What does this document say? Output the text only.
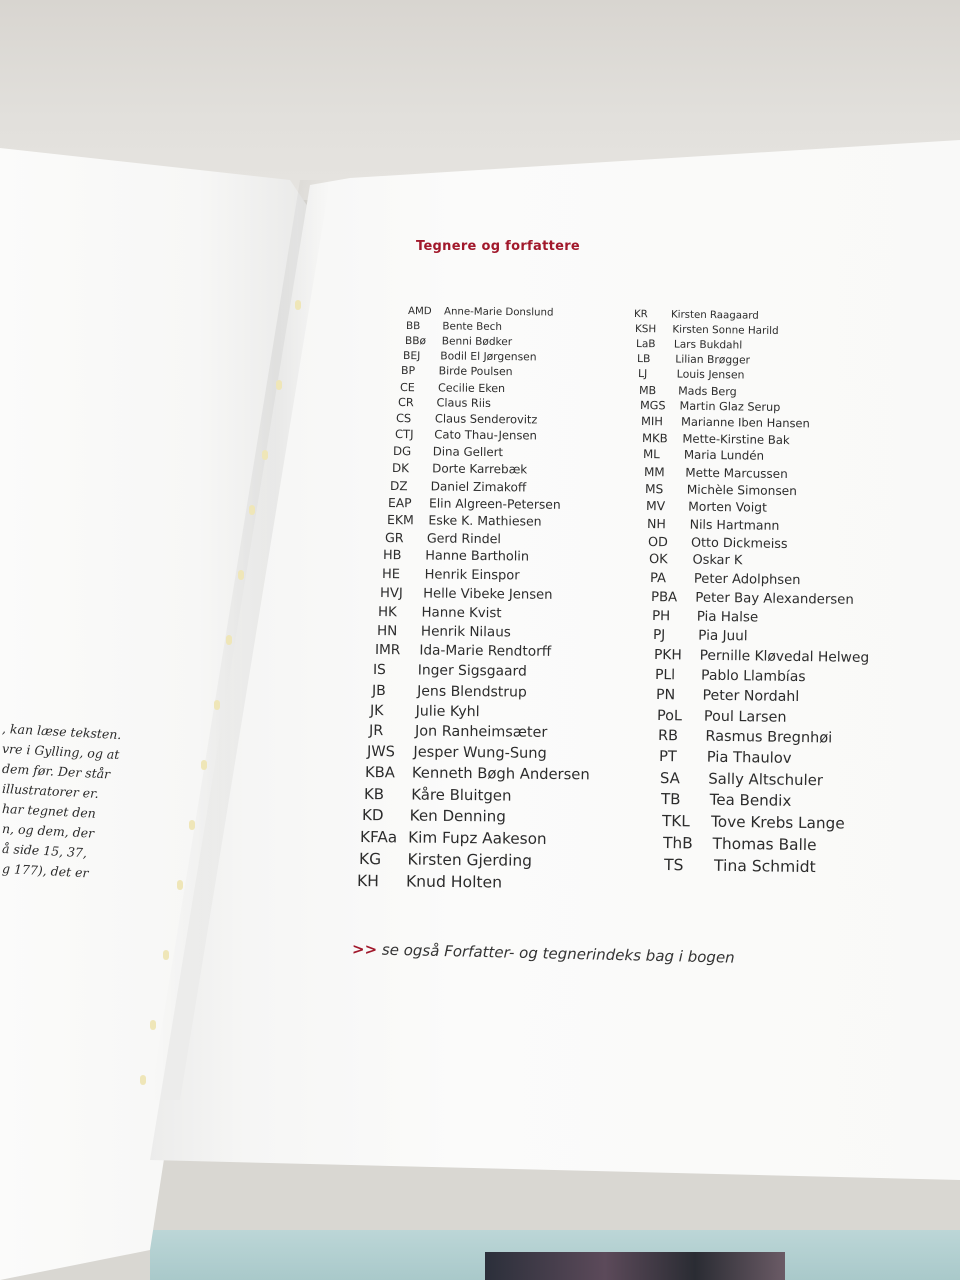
, kan læse teksten.
vre i Gylling, og at
dem før. Der står
illustratorer er.
har tegnet den
n, og dem, der
å side 15, 37,
g 177), det er
Tegnere og forfattere
AMD	Anne-Marie Donslund
BB	Bente Bech
BBø	Benni Bødker
BEJ	Bodil El Jørgensen
BP	Birde Poulsen
CE	Cecilie Eken
CR	Claus Riis
CS	Claus Senderovitz
CTJ	Cato Thau-Jensen
DG	Dina Gellert
DK	Dorte Karrebæk
DZ	Daniel Zimakoff
EAP	Elin Algreen-Petersen
EKM	Eske K. Mathiesen
GR	Gerd Rindel
HB	Hanne Bartholin
HE	Henrik Einspor
HVJ	Helle Vibeke Jensen
HK	Hanne Kvist
HN	Henrik Nilaus
IMR	Ida-Marie Rendtorff
IS	Inger Sigsgaard
JB	Jens Blendstrup
JK	Julie Kyhl
JR	Jon Ranheimsæter
JWS	Jesper Wung-Sung
KBA	Kenneth Bøgh Andersen
KB	Kåre Bluitgen
KD	Ken Denning
KFAa Kim Fupz Aakeson
KG	Kirsten Gjerding
KH	Knud Holten
KR	Kirsten Raagaard
KSH	Kirsten Sonne Harild
LaB	Lars Bukdahl
LB	Lilian Brøgger
LJ	Louis Jensen
MB	Mads Berg
MGS	Martin Glaz Serup
MIH	Marianne Iben Hansen
MKB	Mette-Kirstine Bak
ML	Maria Lundén
MM	Mette Marcussen
MS	Michèle Simonsen
MV	Morten Voigt
NH	Nils Hartmann
OD	Otto Dickmeiss
OK	Oskar K
PA	Peter Adolphsen
PBA	Peter Bay Alexandersen
PH	Pia Halse
PJ	Pia Juul
PKH	Pernille Kløvedal Helweg
PLl	Pablo Llambías
PN	Peter Nordahl
PoL	Poul Larsen
RB	Rasmus Bregnhøi
PT	Pia Thaulov
SA	Sally Altschuler
TB	Tea Bendix
TKL	Tove Krebs Lange
ThB	Thomas Balle
TS	Tina Schmidt
>> se også Forfatter- og tegnerindeks bag i bogen
